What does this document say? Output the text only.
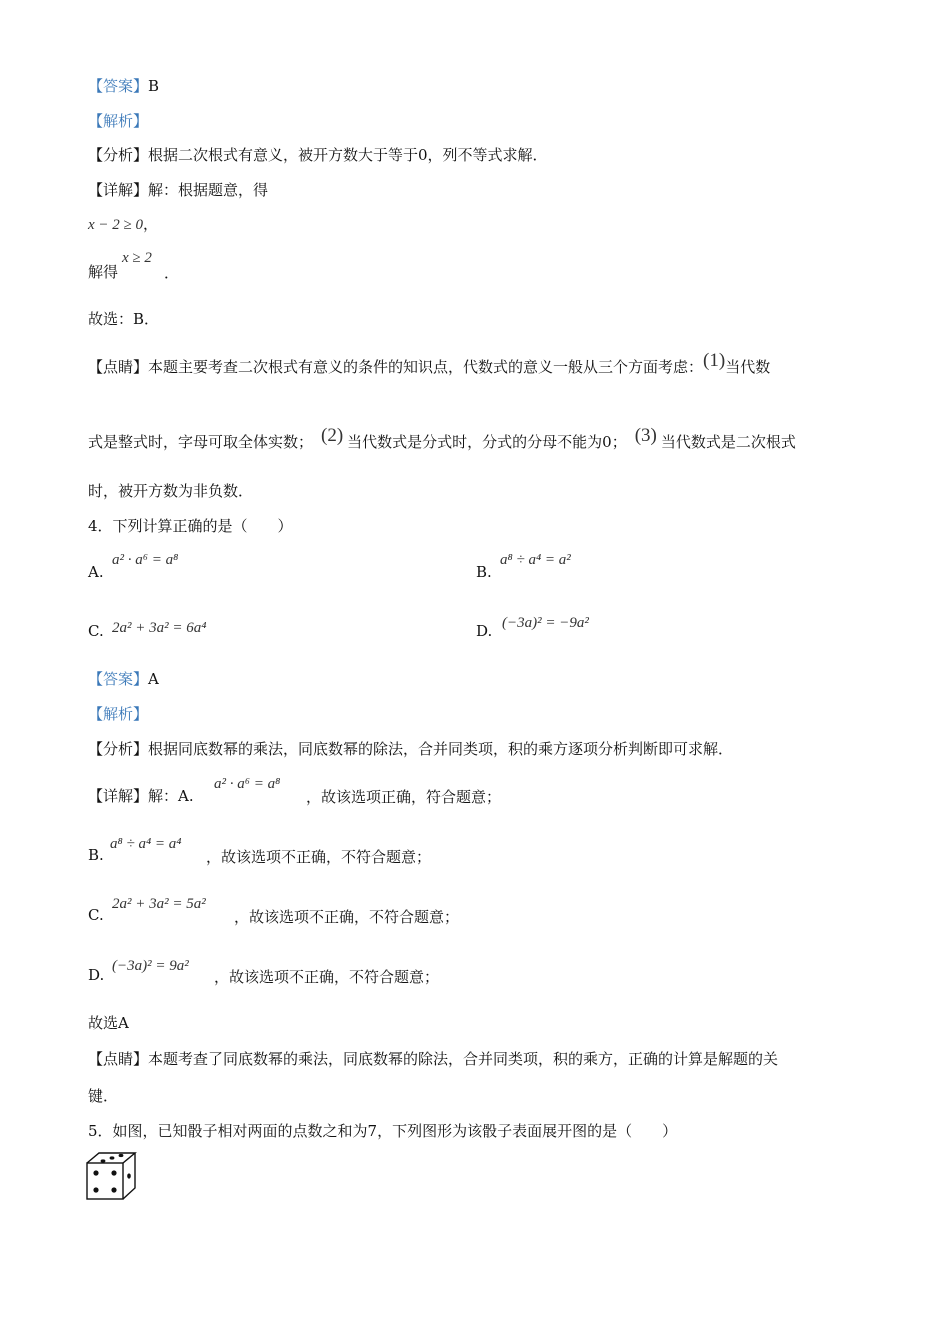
【答案】B
【解析】
【分析】根据二次根式有意义，被开方数大于等于0，列不等式求解．
【详解】解：根据题意，得
x − 2 ≥ 0，
解得
x ≥ 2
．
故选：B．
【点睛】本题主要考查二次根式有意义的条件的知识点，代数式的意义一般从三个方面考虑：(1)当代数
式是整式时，字母可取全体实数； (2) 当代数式是分式时，分式的分母不能为0； (3) 当代数式是二次根式
时，被开方数为非负数．
4．下列计算正确的是（　　）
A.
a² · a⁶ = a⁸
B.
a⁸ ÷ a⁴ = a²
C. 2a² + 3a² = 6a⁴	D. (−3a)² = −9a²
【答案】A
【解析】
【分析】根据同底数幂的乘法，同底数幂的除法，合并同类项，积的乘方逐项分析判断即可求解．
【详解】解：A.
a² · a⁶ = a⁸
，故该选项正确，符合题意；
B.
a⁸ ÷ a⁴ = a⁴
，故该选项不正确，不符合题意；
C.
2a² + 3a² = 5a²
，故该选项不正确，不符合题意；
D. (−3a)² = 9a²
，故该选项不正确，不符合题意；
故选A
【点睛】本题考查了同底数幂的乘法，同底数幂的除法，合并同类项，积的乘方，正确的计算是解题的关
键．
5．如图，已知骰子相对两面的点数之和为7，下列图形为该骰子表面展开图的是（　　）
